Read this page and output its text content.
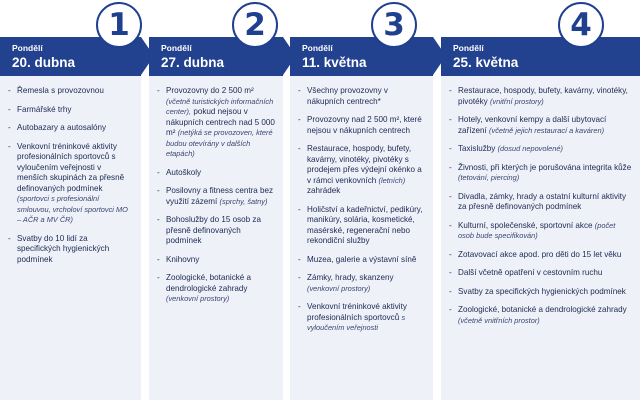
1	2	3	4
Pondělí
20. dubna
Pondělí
27. dubna
Pondělí
11. května
Pondělí
25. května
- Řemesla s provozovnou
- Farmářské trhy
- Autobazary a autosalóny
- Venkovní tréninkové aktivity profesionálních sportovců s vyloučením veřejnosti v menších skupinách za přesně definovaných podmínek (sportovci s profesionální smlouvou, vrcholoví sportovci MO – AČR a MV ČR)
- Svatby do 10 lidí za specifických hygienických podmínek
- Provozovny do 2 500 m² (včetně turistických informačních center), pokud nejsou v nákupních centrech nad 5 000 m² (netýká se provozoven, které budou otevírány v dalších etapách)
- Autoškoly
- Posilovny a fitness centra bez využití zázemí (sprchy, šatny)
- Bohoslužby do 15 osob za přesně definovaných podmínek
- Knihovny
- Zoologické, botanické a dendrologické zahrady (venkovní prostory)
- Všechny provozovny v nákupních centrech*
- Provozovny nad 2 500 m², které nejsou v nákupních centrech
- Restaurace, hospody, bufety, kavárny, vinotéky, pivotéky s prodejem přes výdejní okénko a v rámci venkovních (letních) zahrádek
- Holičství a kadeřnictví, pedikúry, manikúry, solária, kosmetické, masérské, regenerační nebo rekondiční služby
- Muzea, galerie a výstavní síně
- Zámky, hrady, skanzeny (venkovní prostory)
- Venkovní tréninkové aktivity profesionálních sportovců s vyloučením veřejnosti
- Restaurace, hospody, bufety, kavárny, vinotéky, pivotéky (vnitřní prostory)
- Hotely, venkovní kempy a další ubytovací zařízení (včetně jejich restaurací a kaváren)
- Taxislužby (dosud nepovolené)
- Živnosti, při kterých je porušována integrita kůže (tetování, piercing)
- Divadla, zámky, hrady a ostatní kulturní aktivity za přesně definovaných podmínek
- Kulturní, společenské, sportovní akce (počet osob bude specifikován)
- Zotavovací akce apod. pro děti do 15 let věku
- Další včetně opatření v cestovním ruchu
- Svatby za specifických hygienických podmínek
- Zoologické, botanické a dendrologické zahrady (včetně vnitřních prostor)
